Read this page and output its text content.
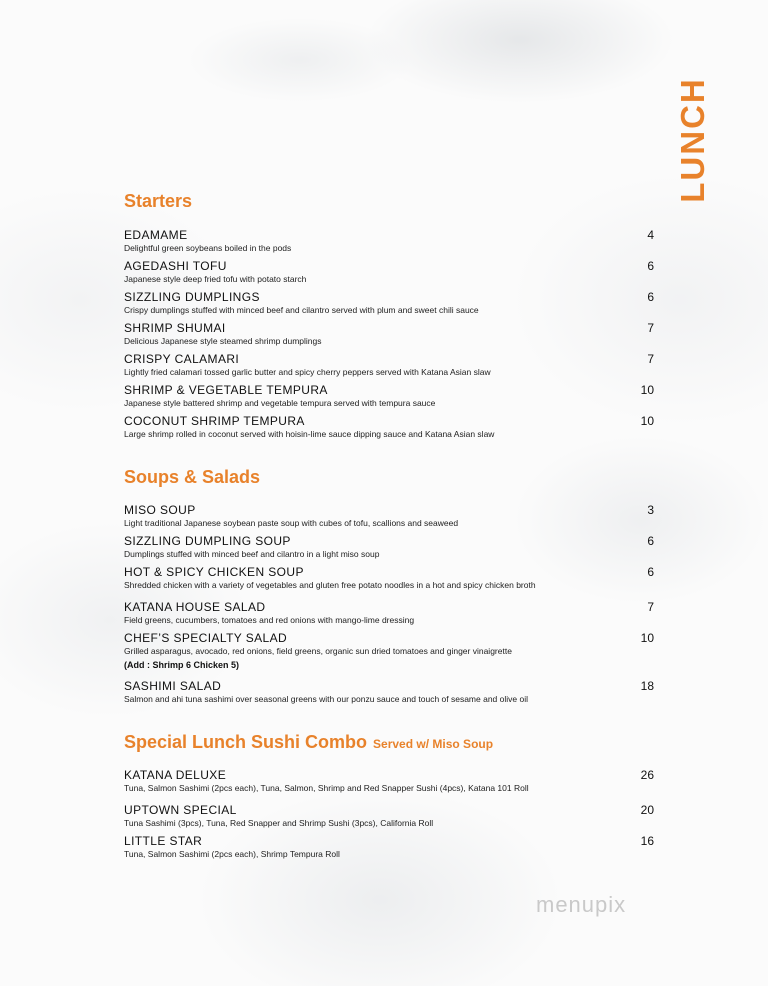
LUNCH
Starters
EDAMAME
Delightful green soybeans boiled in the pods
4
AGEDASHI TOFU
Japanese style deep fried tofu with potato starch
6
SIZZLING DUMPLINGS
Crispy dumplings stuffed with minced beef and cilantro served with plum and sweet chili sauce
6
SHRIMP SHUMAI
Delicious Japanese style steamed shrimp dumplings
7
CRISPY CALAMARI
Lightly fried calamari tossed garlic butter and spicy cherry peppers served with Katana Asian slaw
7
SHRIMP & VEGETABLE TEMPURA
Japanese style battered shrimp and vegetable tempura served with tempura sauce
10
COCONUT SHRIMP TEMPURA
Large shrimp rolled in coconut served with hoisin-lime sauce dipping sauce and Katana Asian slaw
10
Soups & Salads
MISO SOUP
Light traditional Japanese soybean paste soup with cubes of tofu, scallions and seaweed
3
SIZZLING DUMPLING SOUP
Dumplings stuffed with minced beef and cilantro in a light miso soup
6
HOT & SPICY CHICKEN SOUP
Shredded chicken with a variety of vegetables and gluten free potato noodles in a hot and spicy chicken broth
6
KATANA HOUSE SALAD
Field greens, cucumbers, tomatoes and red onions with mango-lime dressing
7
CHEF’S SPECIALTY SALAD
Grilled asparagus, avocado, red onions, field greens, organic sun dried tomatoes and ginger vinaigrette
10
(Add : Shrimp 6 Chicken 5)
SASHIMI SALAD
Salmon and ahi tuna sashimi over seasonal greens with our ponzu sauce and touch of sesame and olive oil
18
Special Lunch Sushi Combo Served w/ Miso Soup
KATANA DELUXE
Tuna, Salmon Sashimi (2pcs each), Tuna, Salmon, Shrimp and Red Snapper Sushi (4pcs), Katana 101 Roll
26
UPTOWN SPECIAL
Tuna Sashimi (3pcs), Tuna, Red Snapper and Shrimp Sushi (3pcs), California Roll
20
LITTLE STAR
Tuna, Salmon Sashimi (2pcs each), Shrimp Tempura Roll
16
menupix
